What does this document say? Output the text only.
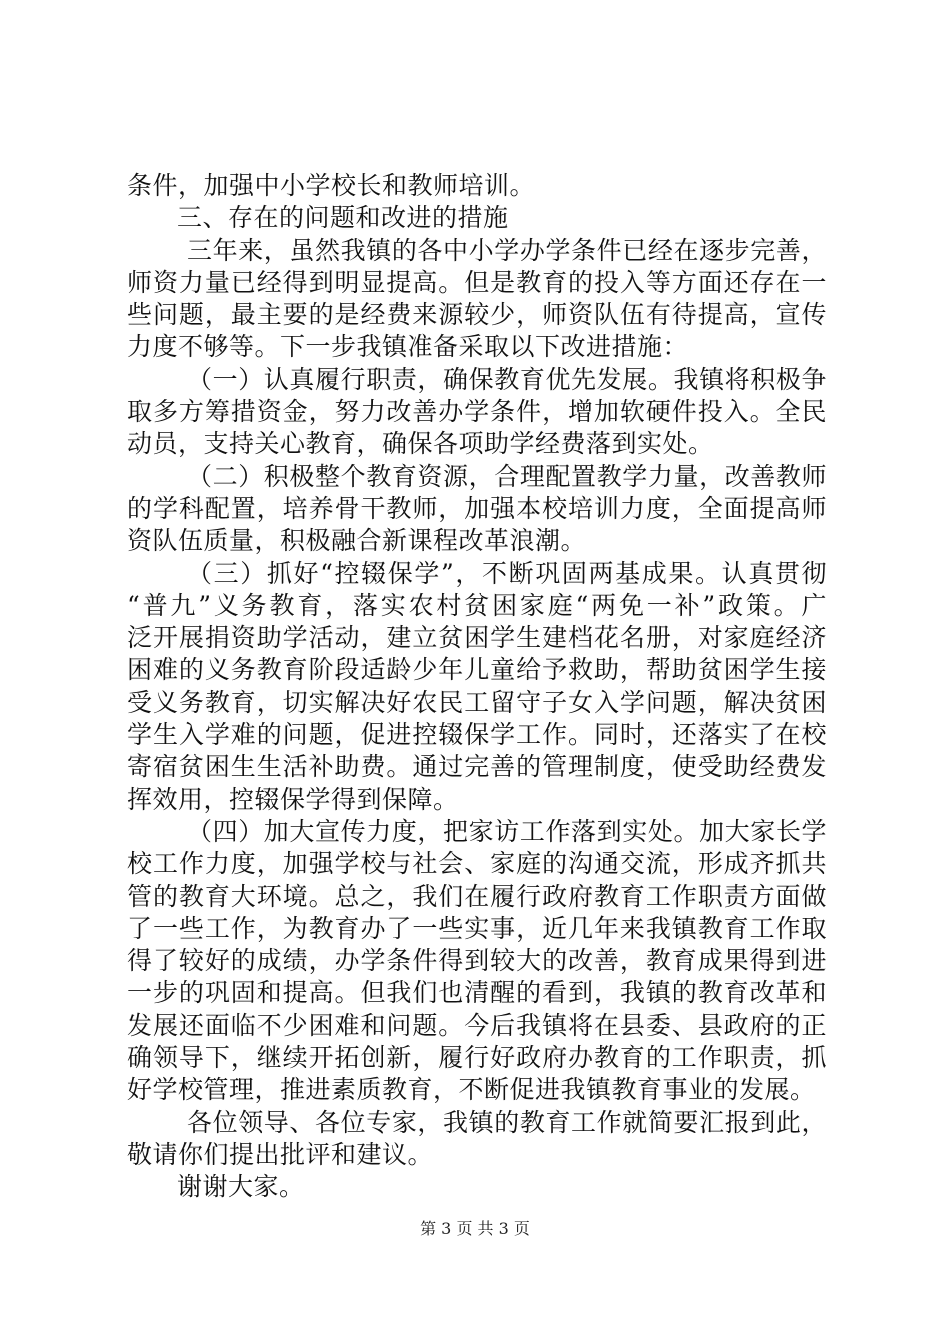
条件，加强中小学校长和教师培训。
三、存在的问题和改进的措施
三年来，虽然我镇的各中小学办学条件已经在逐步完善，
师资力量已经得到明显提高。但是教育的投入等方面还存在一
些问题，最主要的是经费来源较少，师资队伍有待提高，宣传
力度不够等。下一步我镇准备采取以下改进措施：
（一）认真履行职责，确保教育优先发展。我镇将积极争
取多方筹措资金，努力改善办学条件，增加软硬件投入。全民
动员，支持关心教育，确保各项助学经费落到实处。
（二）积极整个教育资源，合理配置教学力量，改善教师
的学科配置，培养骨干教师，加强本校培训力度，全面提高师
资队伍质量，积极融合新课程改革浪潮。
（三）抓好“控辍保学”，不断巩固两基成果。认真贯彻
“普九”义务教育，落实农村贫困家庭“两免一补”政策。广
泛开展捐资助学活动，建立贫困学生建档花名册，对家庭经济
困难的义务教育阶段适龄少年儿童给予救助，帮助贫困学生接
受义务教育，切实解决好农民工留守子女入学问题，解决贫困
学生入学难的问题，促进控辍保学工作。同时，还落实了在校
寄宿贫困生生活补助费。通过完善的管理制度，使受助经费发
挥效用，控辍保学得到保障。
（四）加大宣传力度，把家访工作落到实处。加大家长学
校工作力度，加强学校与社会、家庭的沟通交流，形成齐抓共
管的教育大环境。总之，我们在履行政府教育工作职责方面做
了一些工作，为教育办了一些实事，近几年来我镇教育工作取
得了较好的成绩，办学条件得到较大的改善，教育成果得到进
一步的巩固和提高。但我们也清醒的看到，我镇的教育改革和
发展还面临不少困难和问题。今后我镇将在县委、县政府的正
确领导下，继续开拓创新，履行好政府办教育的工作职责，抓
好学校管理，推进素质教育，不断促进我镇教育事业的发展。
各位领导、各位专家，我镇的教育工作就简要汇报到此，
敬请你们提出批评和建议。
谢谢大家。
第 3 页 共 3 页
